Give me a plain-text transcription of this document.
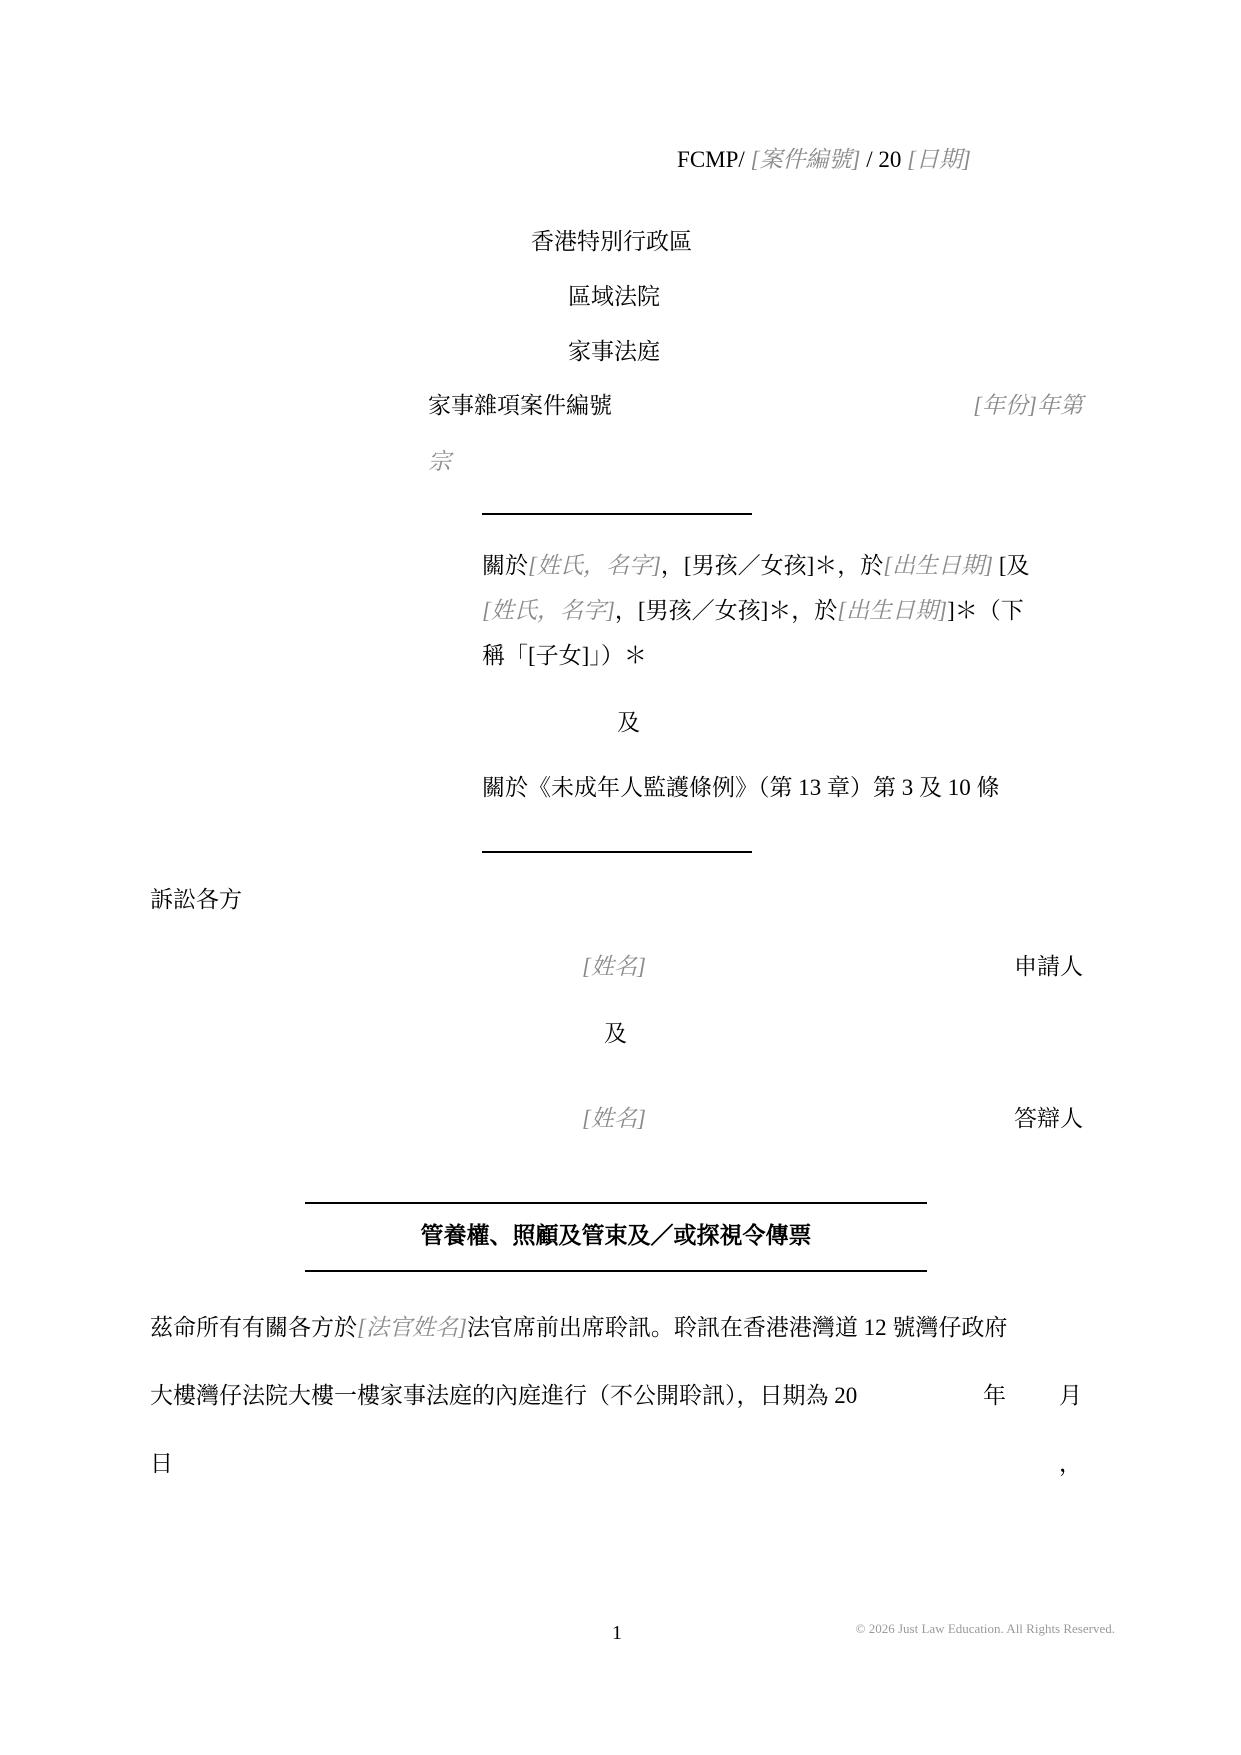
FCMP/ [案件編號] / 20 [日期]
香港特別行政區
區域法院
家事法庭
家事雜項案件編號	[年份]年第
宗
關於[姓氏，名字]，[男孩／女孩]＊，於[出生日期] [及
[姓氏，名字]，[男孩／女孩]＊，於[出生日期]]＊（下
稱「[子女]」）＊
及
關於《未成年人監護條例》（第 13 章）第 3 及 10 條
訴訟各方
[姓名]	申請人
及
[姓名]	答辯人
管養權、照顧及管束及／或探視令傳票
茲命所有有關各方於[法官姓名]法官席前出席聆訊。聆訊在香港港灣道 12 號灣仔政府
大樓灣仔法院大樓一樓家事法庭的內庭進行（不公開聆訊），日期為 20	年 月
日	，
1	© 2026 Just Law Education. All Rights Reserved.
